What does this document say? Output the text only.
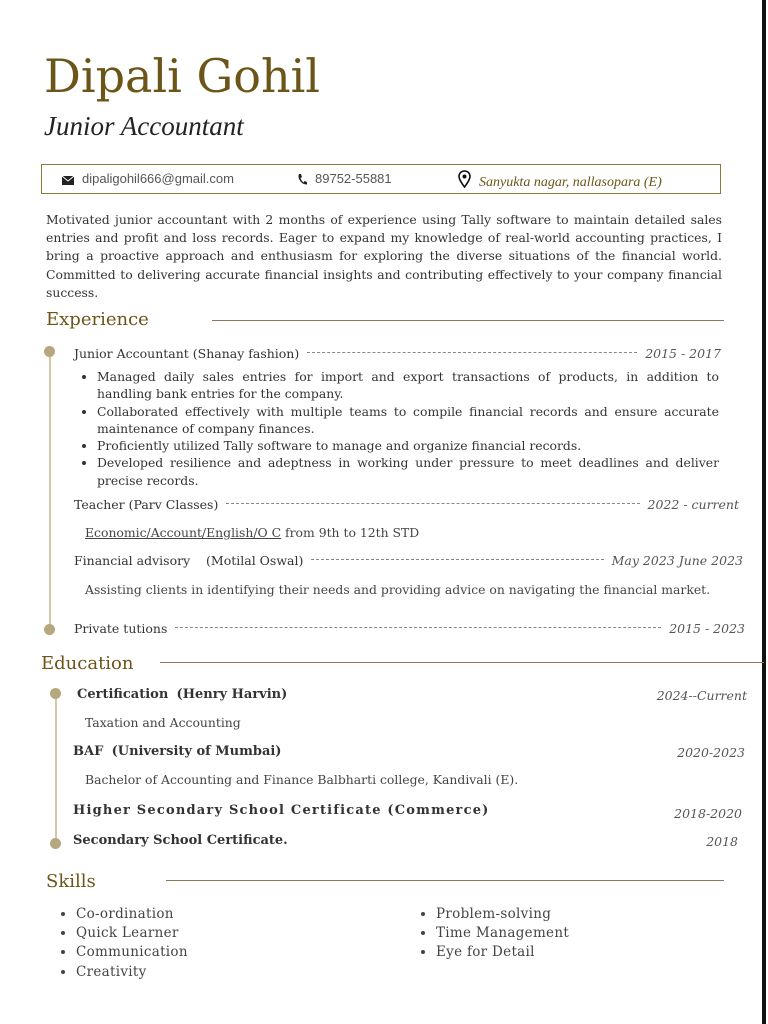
Dipali Gohil
Junior Accountant
dipaligohil666@gmail.com	89752-55881	Sanyukta nagar, nallasopara (E)
Motivated junior accountant with 2 months of experience using Tally software to maintain detailed sales entries and profit and loss records. Eager to expand my knowledge of real-world accounting practices, I bring a proactive approach and enthusiasm for exploring the diverse situations of the financial world. Committed to delivering accurate financial insights and contributing effectively to your company financial success.
Experience
Junior Accountant (Shanay fashion)	2015 - 2017
• Managed daily sales entries for import and export transactions of products, in addition to handling bank entries for the company.
• Collaborated effectively with multiple teams to compile financial records and ensure accurate maintenance of company finances.
• Proficiently utilized Tally software to manage and organize financial records.
• Developed resilience and adeptness in working under pressure to meet deadlines and deliver precise records.
Teacher (Parv Classes)	2022 - current
Economic/Account/English/O C from 9th to 12th STD
Financial advisory    (Motilal Oswal)	May 2023 June 2023
Assisting clients in identifying their needs and providing advice on navigating the financial market.
Private tutions	2015 - 2023
Education
Certification (Henry Harvin)	2024--Current
Taxation and Accounting
BAF (University of Mumbai)	2020-2023
Bachelor of Accounting and Finance Balbharti college, Kandivali (E).
Higher Secondary School Certificate (Commerce)	2018-2020
Secondary School Certificate.	2018
Skills
• Co-ordination
• Quick Learner
• Communication
• Creativity
• Problem-solving
• Time Management
• Eye for Detail
